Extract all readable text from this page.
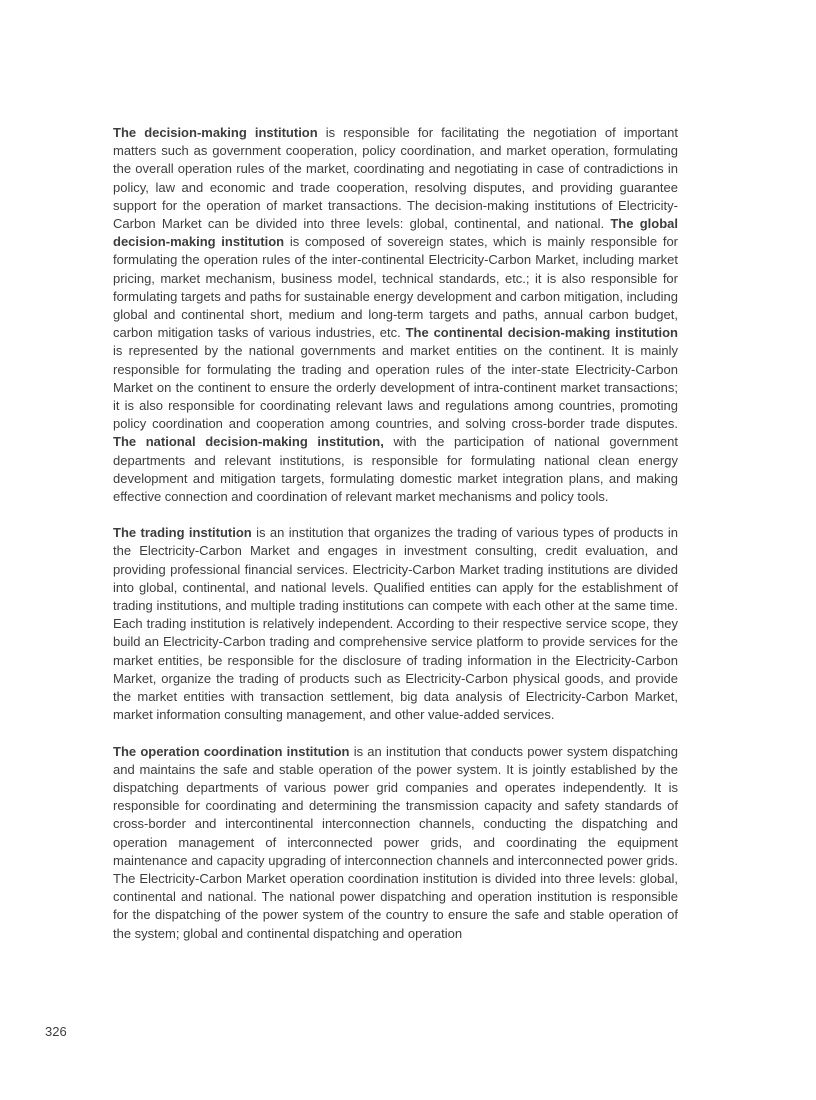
The decision-making institution is responsible for facilitating the negotiation of important matters such as government cooperation, policy coordination, and market operation, formulating the overall operation rules of the market, coordinating and negotiating in case of contradictions in policy, law and economic and trade cooperation, resolving disputes, and providing guarantee support for the operation of market transactions. The decision-making institutions of Electricity-Carbon Market can be divided into three levels: global, continental, and national. The global decision-making institution is composed of sovereign states, which is mainly responsible for formulating the operation rules of the inter-continental Electricity-Carbon Market, including market pricing, market mechanism, business model, technical standards, etc.; it is also responsible for formulating targets and paths for sustainable energy development and carbon mitigation, including global and continental short, medium and long-term targets and paths, annual carbon budget, carbon mitigation tasks of various industries, etc. The continental decision-making institution is represented by the national governments and market entities on the continent. It is mainly responsible for formulating the trading and operation rules of the inter-state Electricity-Carbon Market on the continent to ensure the orderly development of intra-continent market transactions; it is also responsible for coordinating relevant laws and regulations among countries, promoting policy coordination and cooperation among countries, and solving cross-border trade disputes. The national decision-making institution, with the participation of national government departments and relevant institutions, is responsible for formulating national clean energy development and mitigation targets, formulating domestic market integration plans, and making effective connection and coordination of relevant market mechanisms and policy tools.

The trading institution is an institution that organizes the trading of various types of products in the Electricity-Carbon Market and engages in investment consulting, credit evaluation, and providing professional financial services. Electricity-Carbon Market trading institutions are divided into global, continental, and national levels. Qualified entities can apply for the establishment of trading institutions, and multiple trading institutions can compete with each other at the same time. Each trading institution is relatively independent. According to their respective service scope, they build an Electricity-Carbon trading and comprehensive service platform to provide services for the market entities, be responsible for the disclosure of trading information in the Electricity-Carbon Market, organize the trading of products such as Electricity-Carbon physical goods, and provide the market entities with transaction settlement, big data analysis of Electricity-Carbon Market, market information consulting management, and other value-added services.

The operation coordination institution is an institution that conducts power system dispatching and maintains the safe and stable operation of the power system. It is jointly established by the dispatching departments of various power grid companies and operates independently. It is responsible for coordinating and determining the transmission capacity and safety standards of cross-border and intercontinental interconnection channels, conducting the dispatching and operation management of interconnected power grids, and coordinating the equipment maintenance and capacity upgrading of interconnection channels and interconnected power grids. The Electricity-Carbon Market operation coordination institution is divided into three levels: global, continental and national. The national power dispatching and operation institution is responsible for the dispatching of the power system of the country to ensure the safe and stable operation of the system; global and continental dispatching and operation

326
